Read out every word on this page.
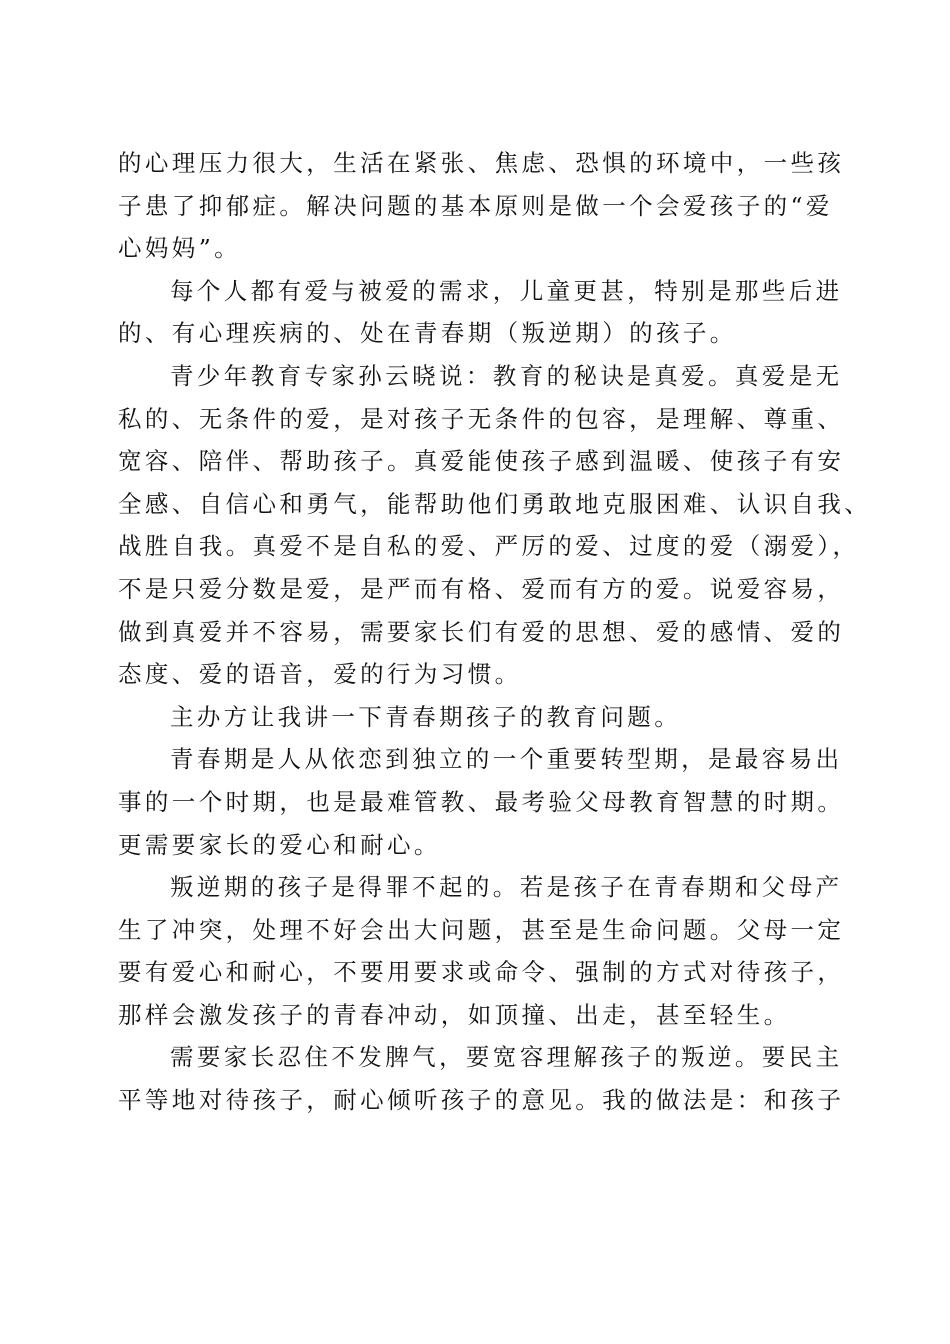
的心理压力很大，生活在紧张、焦虑、恐惧的环境中，一些孩
子患了抑郁症。解决问题的基本原则是做一个会爱孩子的“爱
心妈妈”。
每个人都有爱与被爱的需求，儿童更甚，特别是那些后进
的、有心理疾病的、处在青春期（叛逆期）的孩子。
青少年教育专家孙云晓说：教育的秘诀是真爱。真爱是无
私的、无条件的爱，是对孩子无条件的包容，是理解、尊重、
宽容、陪伴、帮助孩子。真爱能使孩子感到温暖、使孩子有安
全感、自信心和勇气，能帮助他们勇敢地克服困难、认识自我、
战胜自我。真爱不是自私的爱、严厉的爱、过度的爱（溺爱），
不是只爱分数是爱，是严而有格、爱而有方的爱。说爱容易，
做到真爱并不容易，需要家长们有爱的思想、爱的感情、爱的
态度、爱的语音，爱的行为习惯。
主办方让我讲一下青春期孩子的教育问题。
青春期是人从依恋到独立的一个重要转型期，是最容易出
事的一个时期，也是最难管教、最考验父母教育智慧的时期。
更需要家长的爱心和耐心。
叛逆期的孩子是得罪不起的。若是孩子在青春期和父母产
生了冲突，处理不好会出大问题，甚至是生命问题。父母一定
要有爱心和耐心，不要用要求或命令、强制的方式对待孩子，
那样会激发孩子的青春冲动，如顶撞、出走，甚至轻生。
需要家长忍住不发脾气，要宽容理解孩子的叛逆。要民主
平等地对待孩子，耐心倾听孩子的意见。我的做法是：和孩子
